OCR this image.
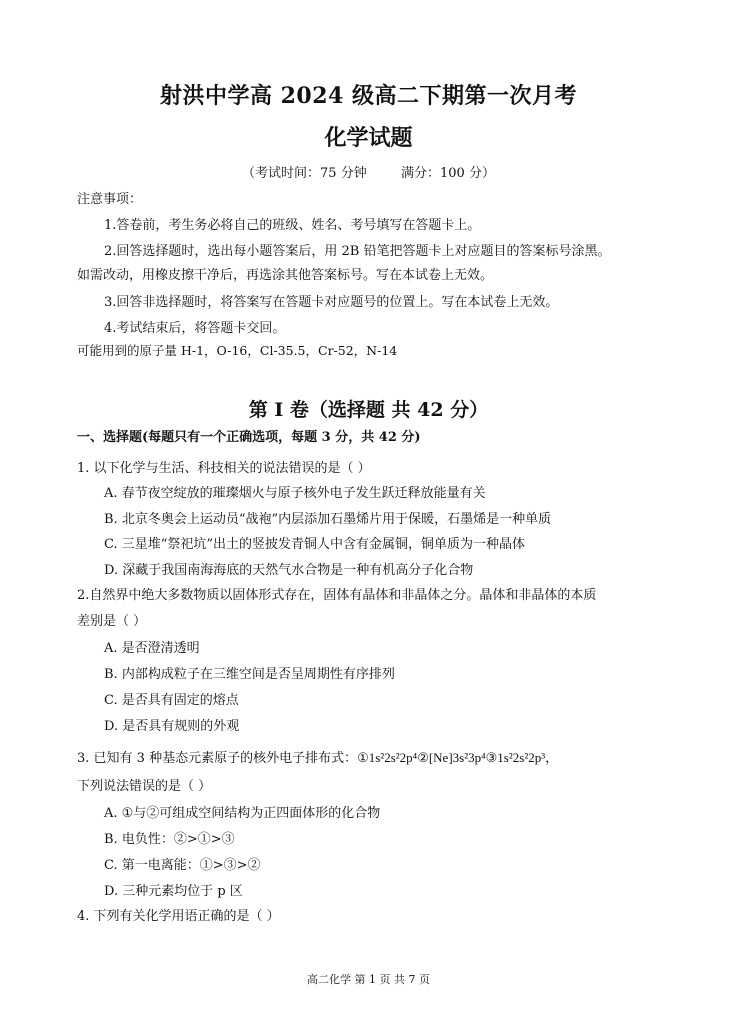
射洪中学高 2024 级高二下期第一次月考
化学试题
（考试时间：75 分钟	满分：100 分）
注意事项：
1.答卷前，考生务必将自己的班级、姓名、考号填写在答题卡上。
2.回答选择题时，选出每小题答案后，用 2B 铅笔把答题卡上对应题目的答案标号涂黑。
如需改动，用橡皮擦干净后，再选涂其他答案标号。写在本试卷上无效。
3.回答非选择题时，将答案写在答题卡对应题号的位置上。写在本试卷上无效。
4.考试结束后，将答题卡交回。
可能用到的原子量 H-1，O-16，Cl-35.5，Cr-52，N-14
第 I 卷（选择题 共 42 分）
一、选择题(每题只有一个正确选项，每题 3 分，共 42 分)
1. 以下化学与生活、科技相关的说法错误的是（ ）
A. 春节夜空绽放的璀璨烟火与原子核外电子发生跃迁释放能量有关
B. 北京冬奥会上运动员“战袍”内层添加石墨烯片用于保暖，石墨烯是一种单质
C. 三星堆“祭祀坑”出土的竖披发青铜人中含有金属铜，铜单质为一种晶体
D. 深藏于我国南海海底的天然气水合物是一种有机高分子化合物
2.自然界中绝大多数物质以固体形式存在，固体有晶体和非晶体之分。晶体和非晶体的本质
差别是（ ）
A. 是否澄清透明
B. 内部构成粒子在三维空间是否呈周期性有序排列
C. 是否具有固定的熔点
D. 是否具有规则的外观
3. 已知有 3 种基态元素原子的核外电子排布式：①1s²2s²2p⁴②[Ne]3s²3p⁴③1s²2s²2p³，
下列说法错误的是（ ）
A. ①与②可组成空间结构为正四面体形的化合物
B. 电负性：②>①>③
C. 第一电离能：①>③>②
D. 三种元素均位于 p 区
4. 下列有关化学用语正确的是（ ）
高二化学 第 1 页 共 7 页
